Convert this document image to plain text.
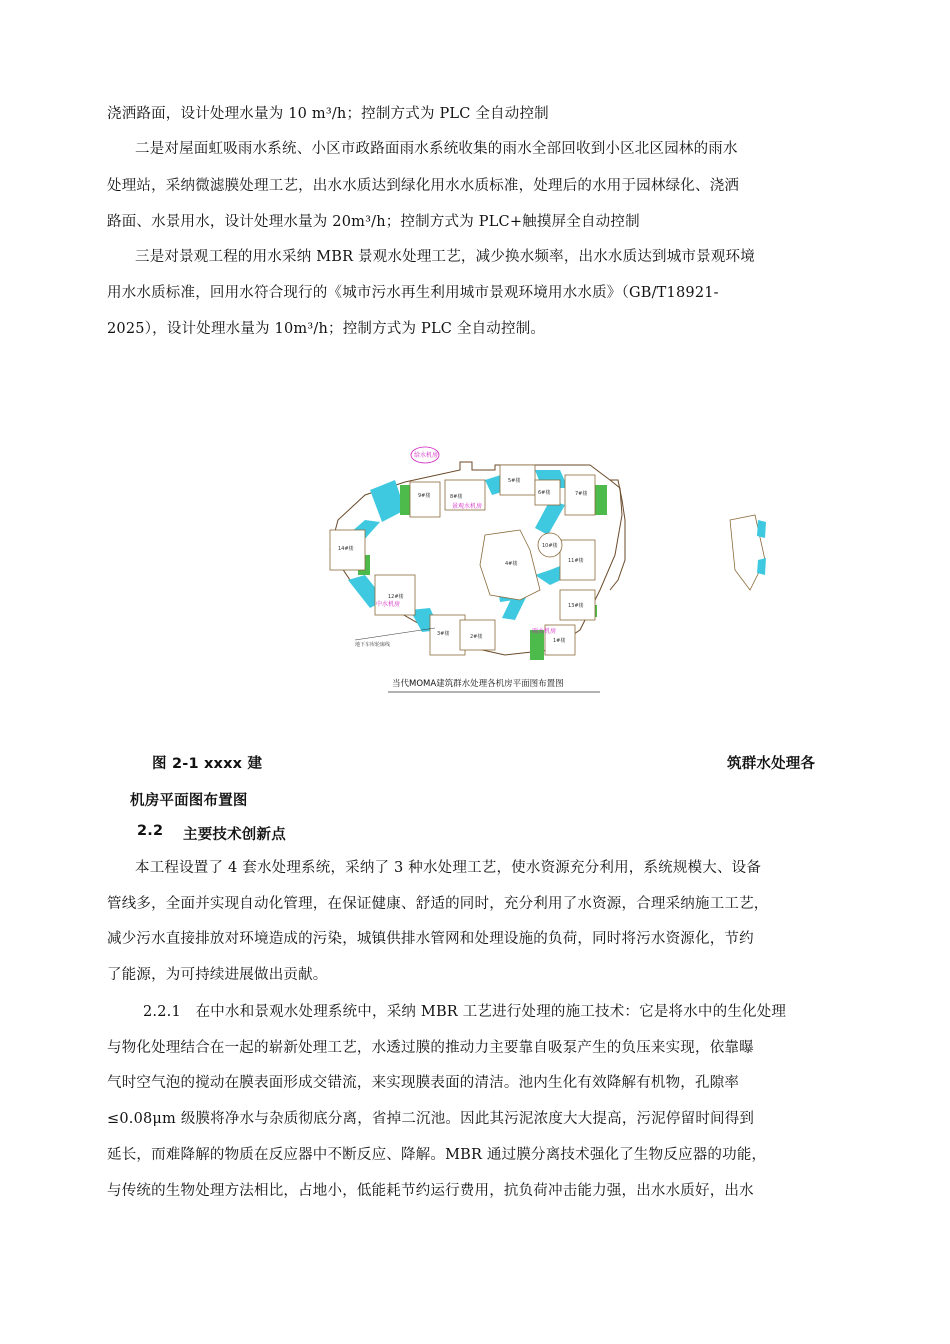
浇洒路面，设计处理水量为 10 m³/h；控制方式为 PLC 全自动控制
二是对屋面虹吸雨水系统、小区市政路面雨水系统收集的雨水全部回收到小区北区园林的雨水
处理站，采纳微滤膜处理工艺，出水水质达到绿化用水水质标准，处理后的水用于园林绿化、浇洒
路面、水景用水，设计处理水量为 20m³/h；控制方式为 PLC+触摸屏全自动控制
三是对景观工程的用水采纳 MBR 景观水处理工艺，减少换水频率，出水水质达到城市景观环境
用水水质标准，回用水符合现行的《城市污水再生利用城市景观环境用水水质》（GB/T18921-
2025），设计处理水量为 10m³/h；控制方式为 PLC 全自动控制。
给水机房
景观水机房
中水机房
雨水机房
地下车库轮廓线
9#楼	8#楼
5#楼
6#楼	7#楼
14#楼
12#楼
3#楼	2#楼
1#楼
13#楼
11#楼
4#楼
10#楼
当代MOMA建筑群水处理各机房平面图布置图
图 2-1 xxxx 建	筑群水处理各
机房平面图布置图
2.2 主要技术创新点
本工程设置了 4 套水处理系统，采纳了 3 种水处理工艺，使水资源充分利用，系统规模大、设备
管线多，全面并实现自动化管理，在保证健康、舒适的同时，充分利用了水资源，合理采纳施工工艺，
减少污水直接排放对环境造成的污染，城镇供排水管网和处理设施的负荷，同时将污水资源化，节约
了能源，为可持续进展做出贡献。
2.2.1　在中水和景观水处理系统中，采纳 MBR 工艺进行处理的施工技术：它是将水中的生化处理
与物化处理结合在一起的崭新处理工艺，水透过膜的推动力主要靠自吸泵产生的负压来实现，依靠曝
气时空气泡的搅动在膜表面形成交错流，来实现膜表面的清洁。池内生化有效降解有机物，孔隙率
≤0.08μm 级膜将净水与杂质彻底分离，省掉二沉池。因此其污泥浓度大大提高，污泥停留时间得到
延长，而难降解的物质在反应器中不断反应、降解。MBR 通过膜分离技术强化了生物反应器的功能，
与传统的生物处理方法相比，占地小，低能耗节约运行费用，抗负荷冲击能力强，出水水质好，出水
